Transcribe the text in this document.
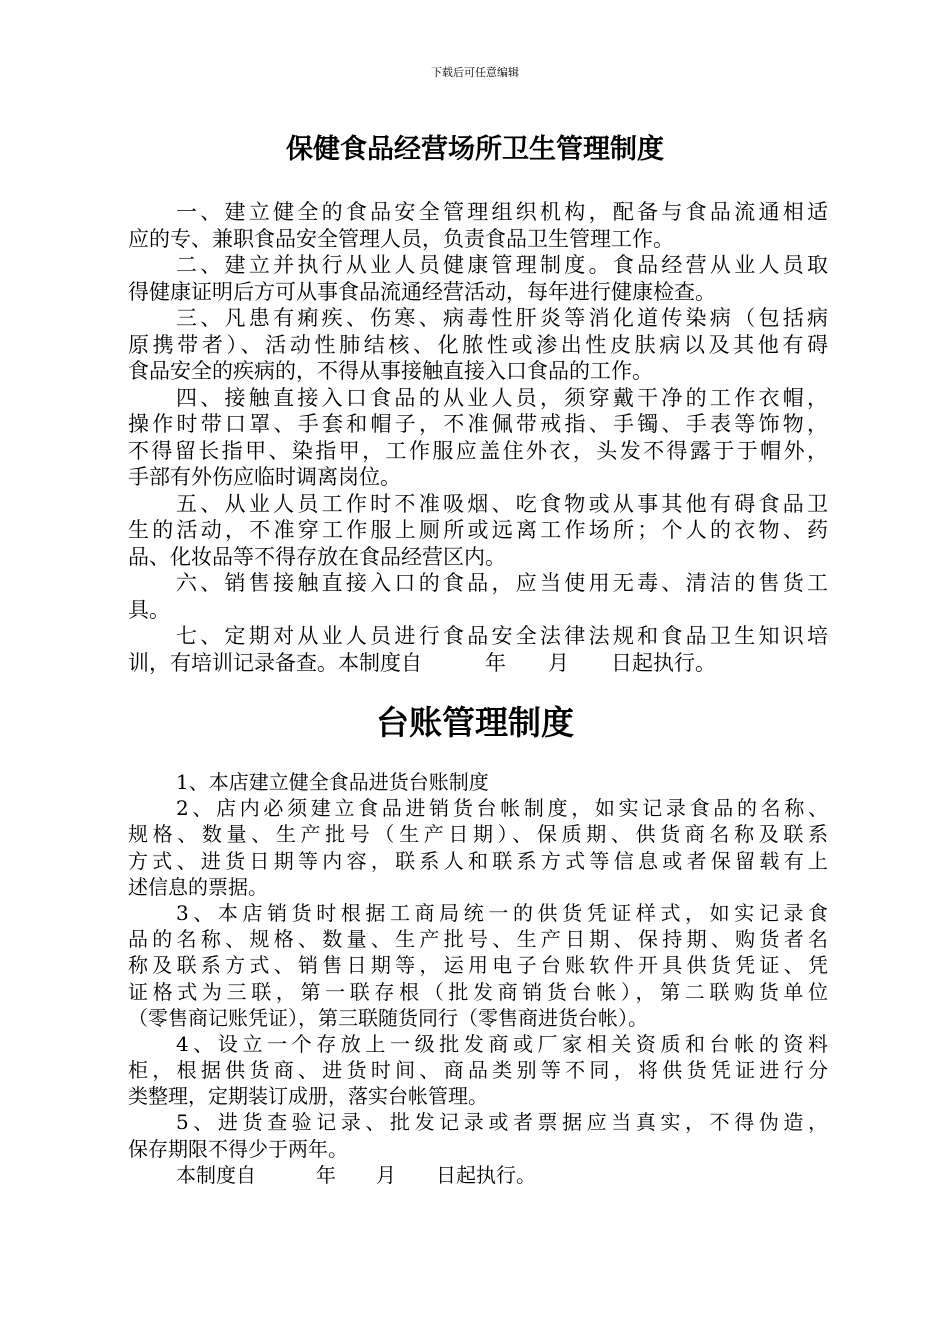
下载后可任意编辑
保健食品经营场所卫生管理制度
一、建立健全的食品安全管理组织机构，配备与食品流通相适
应的专、兼职食品安全管理人员，负责食品卫生管理工作。
二、建立并执行从业人员健康管理制度。食品经营从业人员取
得健康证明后方可从事食品流通经营活动，每年进行健康检查。
三、凡患有痢疾、伤寒、病毒性肝炎等消化道传染病（包括病
原携带者）、活动性肺结核、化脓性或渗出性皮肤病以及其他有碍
食品安全的疾病的，不得从事接触直接入口食品的工作。
四、接触直接入口食品的从业人员，须穿戴干净的工作衣帽，
操作时带口罩、手套和帽子，不准佩带戒指、手镯、手表等饰物，
不得留长指甲、染指甲，工作服应盖住外衣，头发不得露于于帽外，
手部有外伤应临时调离岗位。
五、从业人员工作时不准吸烟、吃食物或从事其他有碍食品卫
生的活动，不准穿工作服上厕所或远离工作场所；个人的衣物、药
品、化妆品等不得存放在食品经营区内。
六、销售接触直接入口的食品，应当使用无毒、清洁的售货工
具。
七、定期对从业人员进行食品安全法律法规和食品卫生知识培
训，有培训记录备查。本制度自　　　年　　月　　日起执行。
台账管理制度
1、本店建立健全食品进货台账制度
2、店内必须建立食品进销货台帐制度，如实记录食品的名称、
规格、数量、生产批号（生产日期）、保质期、供货商名称及联系
方式、进货日期等内容，联系人和联系方式等信息或者保留载有上
述信息的票据。
3、本店销货时根据工商局统一的供货凭证样式，如实记录食
品的名称、规格、数量、生产批号、生产日期、保持期、购货者名
称及联系方式、销售日期等，运用电子台账软件开具供货凭证、凭
证格式为三联，第一联存根（批发商销货台帐），第二联购货单位
（零售商记账凭证），第三联随货同行（零售商进货台帐）。
4、设立一个存放上一级批发商或厂家相关资质和台帐的资料
柜，根据供货商、进货时间、商品类别等不同，将供货凭证进行分
类整理，定期装订成册，落实台帐管理。
5、进货查验记录、批发记录或者票据应当真实，不得伪造，
保存期限不得少于两年。
本制度自　　　年　　月　　日起执行。
